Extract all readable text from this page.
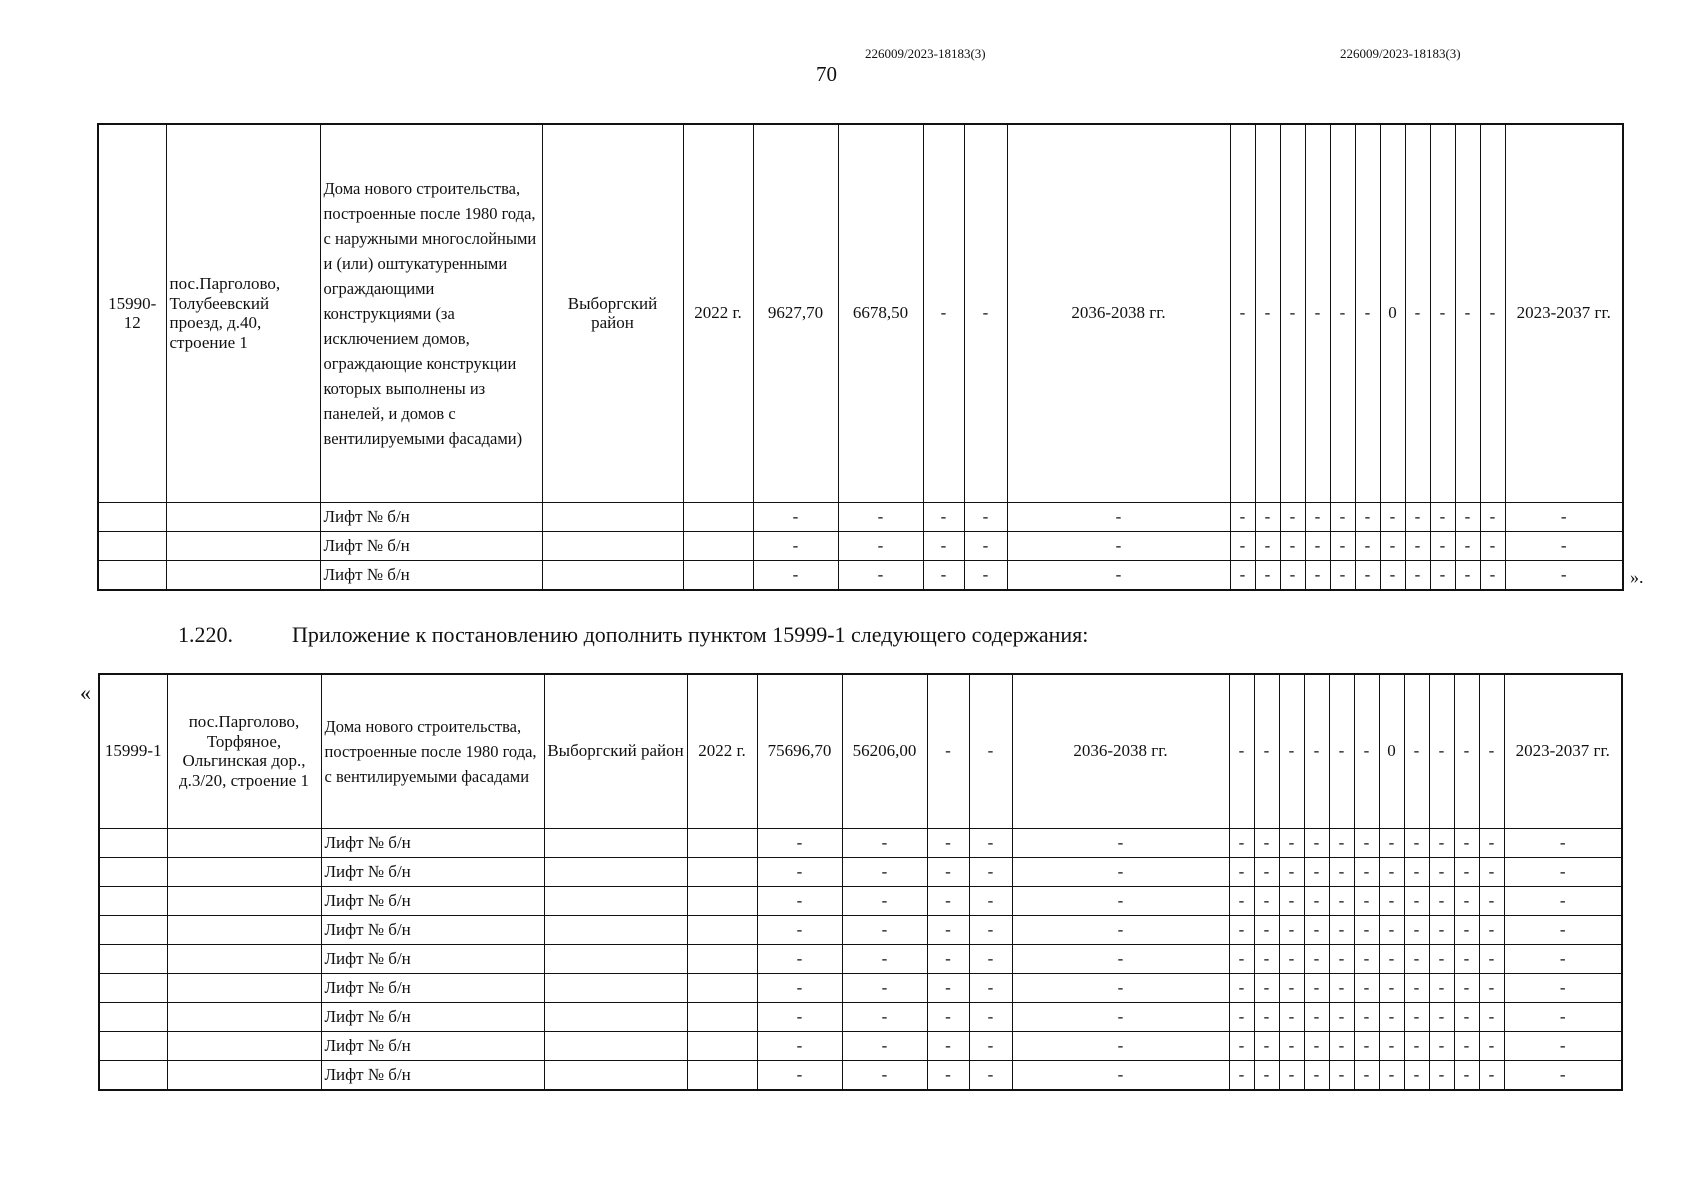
226009/2023-18183(3)	226009/2023-18183(3)
70
15990-12	пос.Парголово, Толубеевский проезд, д.40, строение 1	Дома нового строительства, построенные после 1980 года, с наружными многослойными и (или) оштукатуренными ограждающими конструкциями (за исключением домов, ограждающие конструкции которых выполнены из панелей, и домов с вентилируемыми фасадами)	Выборгский район	2022 г.	9627,70	6678,50	-	-	2036-2038 гг.	-	-	-	-	-	-	0	-	-	-	-	2023-2037 гг.
		Лифт № б/н			-	-	-	-	-	-	-	-	-	-	-	-	-	-	-	-	-
		Лифт № б/н			-	-	-	-	-	-	-	-	-	-	-	-	-	-	-	-	-
		Лифт № б/н			-	-	-	-	-	-	-	-	-	-	-	-	-	-	-	-	-	».
1.220.	Приложение к постановлению дополнить пунктом 15999-1 следующего содержания:
«
15999-1	пос.Парголово, Торфяное, Ольгинская дор., д.3/20, строение 1	Дома нового строительства, построенные после 1980 года, с вентилируемыми фасадами	Выборгский район	2022 г.	75696,70	56206,00	-	-	2036-2038 гг.	-	-	-	-	-	-	0	-	-	-	-	2023-2037 гг.
		Лифт № б/н			-	-	-	-	-	-	-	-	-	-	-	-	-	-	-	-	-
		Лифт № б/н			-	-	-	-	-	-	-	-	-	-	-	-	-	-	-	-	-
		Лифт № б/н			-	-	-	-	-	-	-	-	-	-	-	-	-	-	-	-	-
		Лифт № б/н			-	-	-	-	-	-	-	-	-	-	-	-	-	-	-	-	-
		Лифт № б/н			-	-	-	-	-	-	-	-	-	-	-	-	-	-	-	-	-
		Лифт № б/н			-	-	-	-	-	-	-	-	-	-	-	-	-	-	-	-	-
		Лифт № б/н			-	-	-	-	-	-	-	-	-	-	-	-	-	-	-	-	-
		Лифт № б/н			-	-	-	-	-	-	-	-	-	-	-	-	-	-	-	-	-
		Лифт № б/н			-	-	-	-	-	-	-	-	-	-	-	-	-	-	-	-	-
